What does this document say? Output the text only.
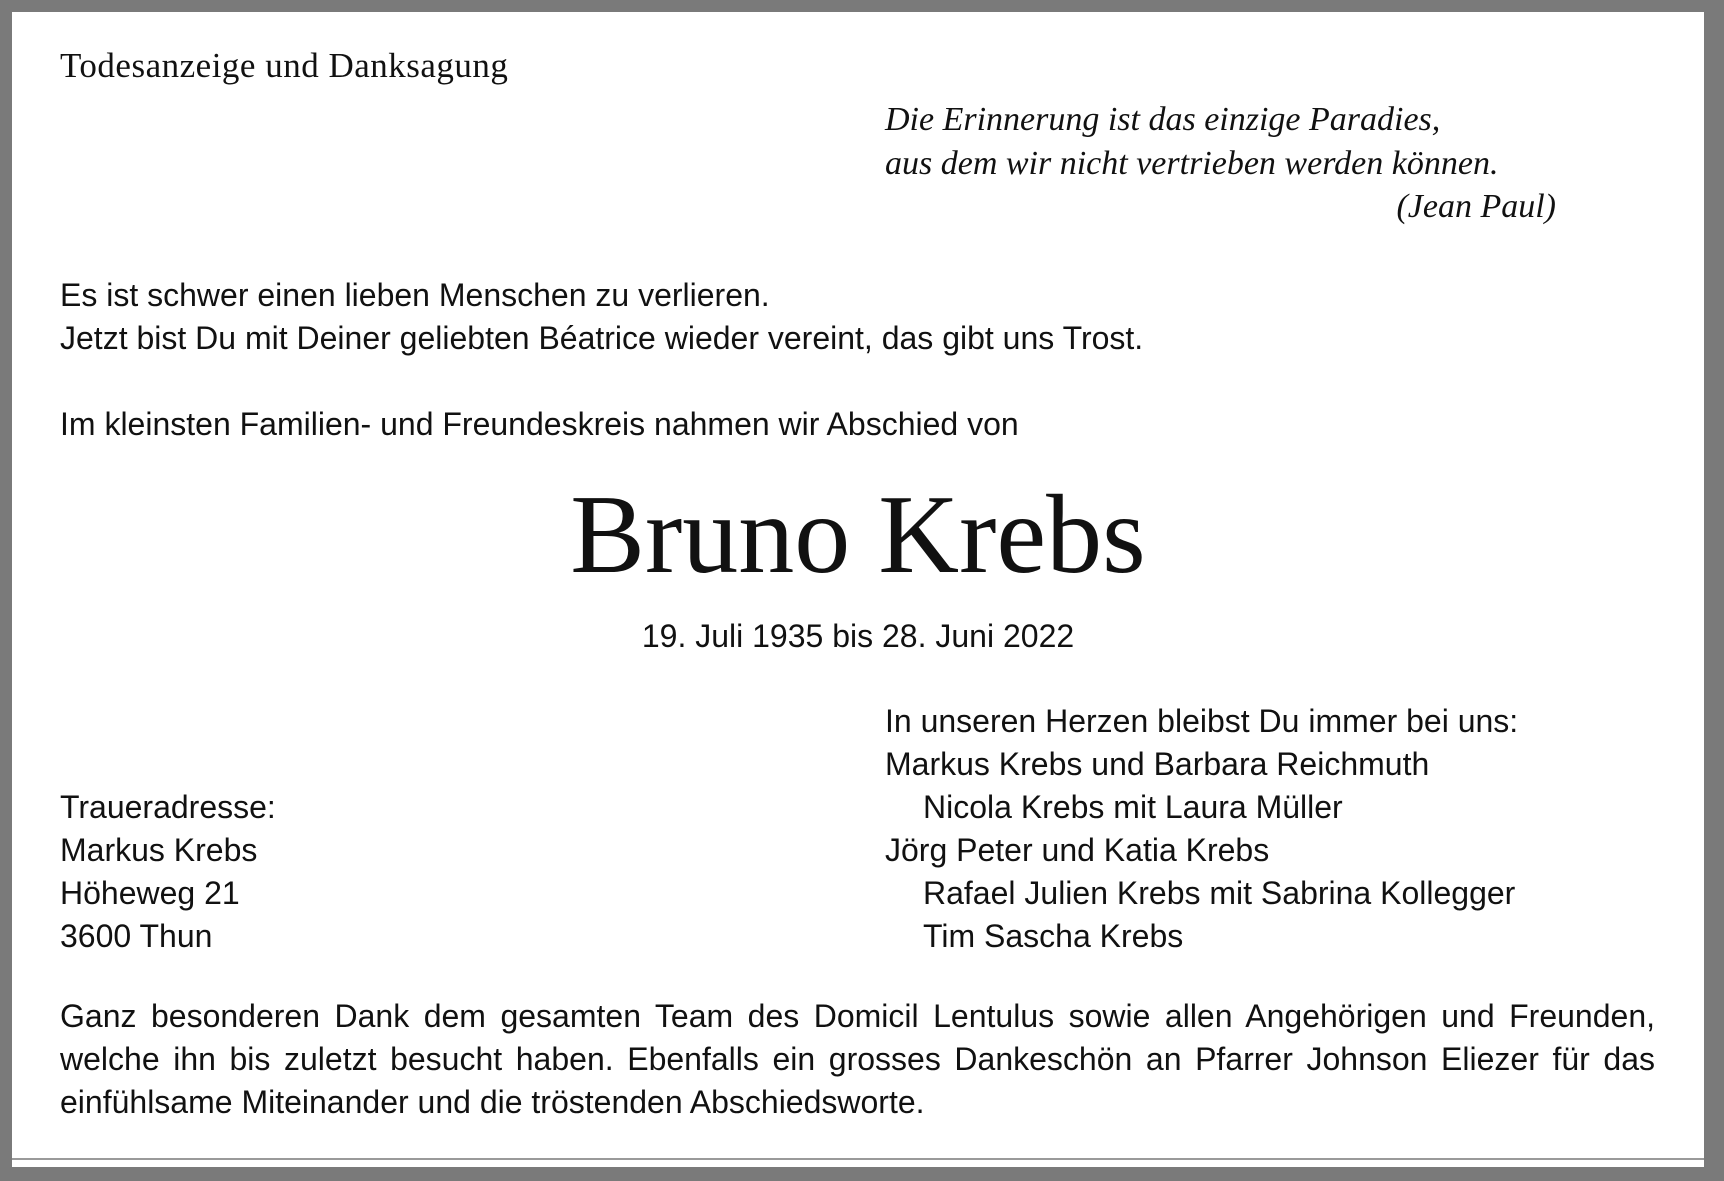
Todesanzeige und Danksagung
Die Erinnerung ist das einzige Paradies,
aus dem wir nicht vertrieben werden können.
(Jean Paul)
Es ist schwer einen lieben Menschen zu verlieren.
Jetzt bist Du mit Deiner geliebten Béatrice wieder vereint, das gibt uns Trost.
Im kleinsten Familien- und Freundeskreis nahmen wir Abschied von
Bruno Krebs
19. Juli 1935 bis 28. Juni 2022
In unseren Herzen bleibst Du immer bei uns:
Markus Krebs und Barbara Reichmuth
Nicola Krebs mit Laura Müller
Jörg Peter und Katia Krebs
Rafael Julien Krebs mit Sabrina Kollegger
Tim Sascha Krebs
Traueradresse:
Markus Krebs
Höheweg 21
3600 Thun
Ganz besonderen Dank dem gesamten Team des Domicil Lentulus sowie allen Angehörigen und Freunden, welche ihn bis zuletzt besucht haben. Ebenfalls ein grosses Dankeschön an Pfarrer Johnson Eliezer für das einfühlsame Miteinander und die tröstenden Abschiedsworte.
